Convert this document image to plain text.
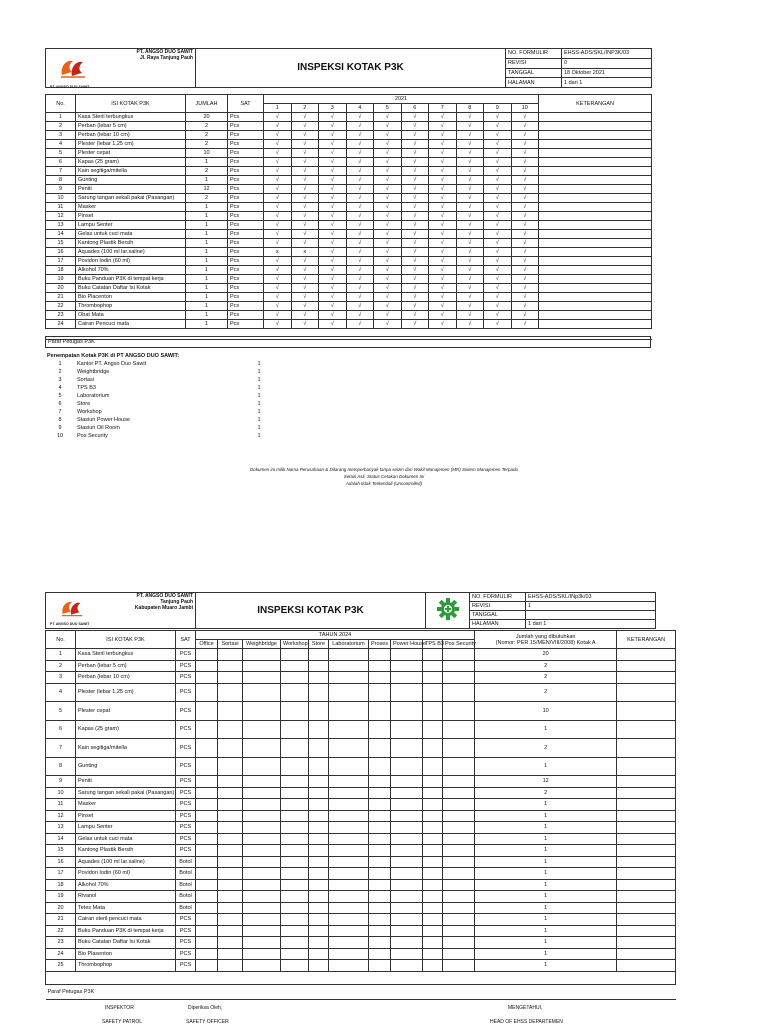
PT. ANGSO DUO SAWIT
PT. ANGSO DUO SAWIT
Jl. Raya Tanjung Pauh	INSPEKSI KOTAK P3K	NO. FORMULIR	EHSS-ADS/SKL/INP3K/03
		REVISI	0
		TANGGAL	18 Oktober 2021
		HALAMAN	1 dari 1
No.	ISI KOTAK P3K	JUMLAH	SAT	2021										KETERANGAN
				1	2	3	4	5	6	7	8	9	10	
1	Kasa Steril terbungkus	20	Pcs	√	√	√	√	√	√	√	√	√	√	
2	Perban (lebar 5 cm)	2	Pcs	√	√	√	√	√	√	√	√	√	√	
3	Perban (lebar 10 cm)	2	Pcs	√	√	√	√	√	√	√	√	√	√	
4	Plester (lebar 1,25 cm)	2	Pcs	√	√	√	√	√	√	√	√	√	√	
5	Plester cepat	10	Pcs	√	√	√	√	√	√	√	√	√	√	
6	Kapas (25 gram)	1	Pcs	√	√	√	√	√	√	√	√	√	√	
7	Kain segitiga/mitella	2	Pcs	√	√	√	√	√	√	√	√	√	√	
8	Gunting	1	Pcs	√	√	√	√	√	√	√	√	√	√	
9	Peniti	12	Pcs	√	√	√	√	√	√	√	√	√	√	
10	Sarung tangan sekali pakai (Pasangan)	2	Pcs	√	√	√	√	√	√	√	√	√	√	
11	Masker	1	Pcs	√	√	√	√	√	√	√	√	√	√	
12	Pinset	1	Pcs	√	√	√	√	√	√	√	√	√	√	
13	Lampu Senter	1	Pcs	√	√	√	√	√	√	√	√	√	√	
14	Gelas untuk cuci mata	1	Pcs	√	√	√	√	√	√	√	√	√	√	
15	Kantong Plastik Bersih	1	Pcs	√	√	√	√	√	√	√	√	√	√	
16	Aquades (100 ml lar.saline)	1	Pcs	x	x	√	√	√	√	√	√	√	√	
17	Povidon Iodin (60 ml)	1	Pcs	√	√	√	√	√	√	√	√	√	√	
18	Alkohol 70%	1	Pcs	√	√	√	√	√	√	√	√	√	√	
19	Buku Panduan P3K di tempat kerja	1	Pcs	√	√	√	√	√	√	√	√	√	√	
20	Buku Catatan Daftar Isi Kotak	1	Pcs	√	√	√	√	√	√	√	√	√	√	
21	Bio Placenton	1	Pcs	√	√	√	√	√	√	√	√	√	√	
22	Thrombophop	1	Pcs	√	√	√	√	√	√	√	√	√	√	
23	Obat Mata	1	Pcs	√	√	√	√	√	√	√	√	√	√	
24	Cairan Pencuci mata	1	Pcs	√	√	√	√	√	√	√	√	√	√	

Paraf Petugas P3K	
Penempatan Kotak P3K di PT ANGSO DUO SAWIT:			
1	Kantor PT. Angso Duo Sawit	1	
2	Weightbridge	1	
3	Sortasi	1	
4	TPS B3	1	
5	Laboratorium	1	
6	Store	1	
7	Workshop	1	
8	Stasiun Power House	1	
9	Stasiun Oil Room	1	
10	Pos Security	1	
Dokumen ini milik Nama Perusahaan & Dilarang memperbanyak tanpa seizin dari Wakil Manajemen (MR) Sistem Manajemen Terpadu
Selain Asli, Status Cetakan Dokumen Ini
Adalah tidak Terkendali (Uncontrolled)
PT. ANGSO DUO SAWIT
PT. ANGSO DUO SAWIT
Tanjung Pauh
Kabupaten Muaro Jambi	INSPEKSI KOTAK P3K		NO. FORMULIR	EHSS-ADS/SKL/INp3k/03
			REVISI	1
			TANGGAL	
			HALAMAN	1 dari 1
No.	ISI KOTAK P3K	SAT	TAHUN 2024										Jumlah yang dibutuhkan
(Nomor: PER 15/MEN/VIII/2008) Kotak A	KETERANGAN
			Office	Sortasi	Weighbridge	Workshop	Store	Laboratorium	Proses	Power House	TPS B3	Pos Security		
1	Kasa Steril terbungkus	PCS											20	
2	Perban (lebar 5 cm)	PCS											2	
3	Perban (lebar 10 cm)	PCS											2	
4	Plester (lebar 1,25 cm)	PCS											2	
5	Plester cepat	PCS											10	
6	Kapas (25 gram)	PCS											1	
7	Kain segitiga/mitella	PCS											2	
8	Gunting	PCS											1	
9	Peniti	PCS											12	
10	Sarung tangan sekali pakai (Pasangan)	PCS											2	
11	Masker	PCS											1	
12	Pinset	PCS											1	
13	Lampu Senter	PCS											1	
14	Gelas untuk cuci mata	PCS											1	
15	Kantong Plastik Bersih	PCS											1	
16	Aquades (100 ml lar.saline)	Botol											1	
17	Povidon Iodin (60 ml)	Botol											1	
18	Alkohol 70%	Botol											1	
19	Rivanol	Botol											1	
20	Tetes Mata	Botol											1	
21	Cairan steril pencuci mata	PCS											1	
22	Buku Panduan P3K di tempat kerja	PCS											1	
23	Buku Catatan Daftar Isi Kotak	PCS											1	
24	Bio Plasenton	PCS											1	
25	Thrombophop	PCS											1	

Paraf Petugas P3K														
INSPEKTOR	Diperiksa Oleh,	MENGETAHUI,
SAFETY PATROL	SAFETY OFFICER	HEAD OF EHSS DEPARTEMEN
